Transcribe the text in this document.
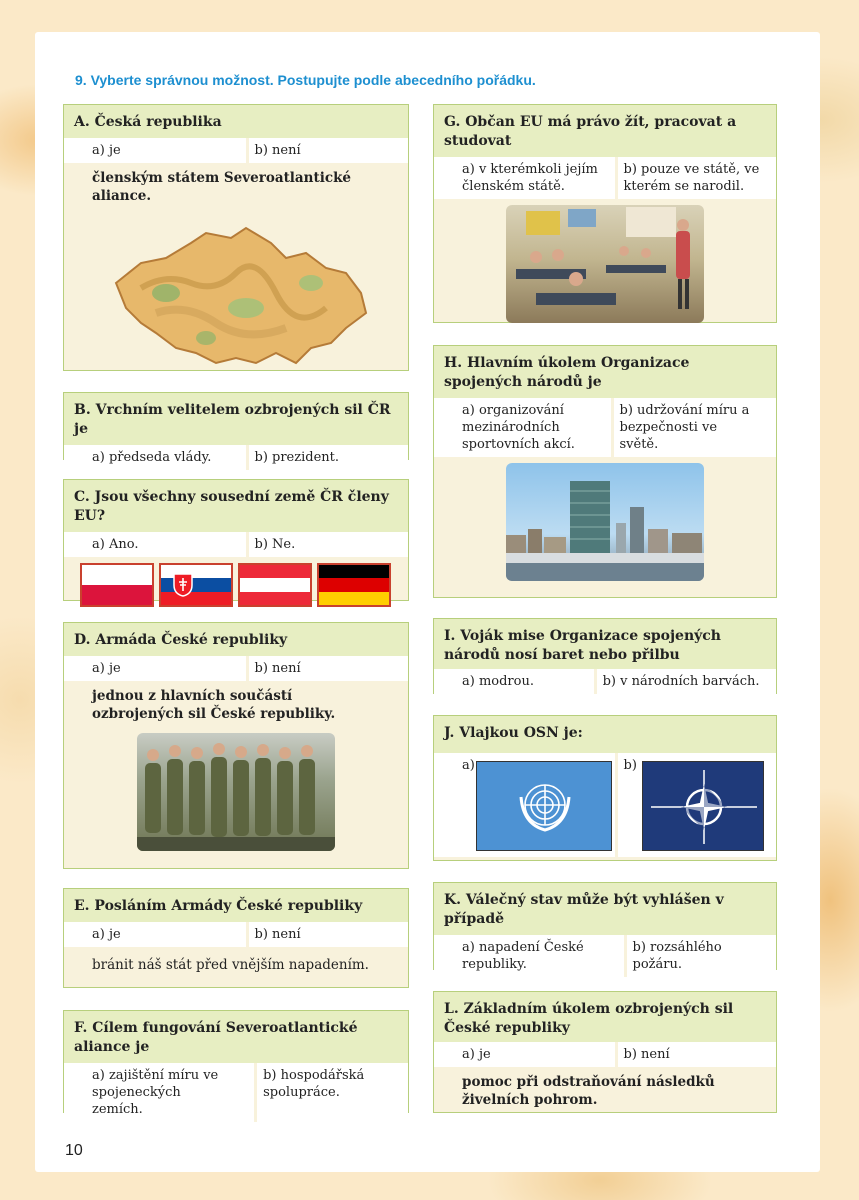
9. Vyberte správnou možnost. Postupujte podle abecedního pořádku.
A. Česká republika
a) je	b) není
členským státem Severoatlantické aliance.
B. Vrchním velitelem ozbrojených sil ČR je
a) předseda vlády.	b) prezident.
C. Jsou všechny sousední země ČR členy EU?
a) Ano.	b) Ne.
D. Armáda České republiky
a) je	b) není
jednou z hlavních součástí ozbrojených sil České republiky.
E. Posláním Armády České republiky
a) je	b) není
bránit náš stát před vnějším napadením.
F. Cílem fungování Severoatlantické aliance je
a) zajištění míru ve spojeneckých zemích.
b) hospodářská spolupráce.
G. Občan EU má právo žít, pracovat a studovat
a) v kterémkoli jejím členském státě.
b) pouze ve státě, ve kterém se narodil.
H. Hlavním úkolem Organizace spojených národů je
a) organizování mezinárodních sportovních akcí.
b) udržování míru a bezpečnosti ve světě.
I. Voják mise Organizace spojených národů nosí baret nebo přilbu
a) modrou.	b) v národních barvách.
J. Vlajkou OSN je:
a)	b)
K. Válečný stav může být vyhlášen v případě
a) napadení České republiky.
b) rozsáhlého požáru.
L. Základním úkolem ozbrojených sil České republiky
a) je	b) není
pomoc při odstraňování následků živelních pohrom.
10
